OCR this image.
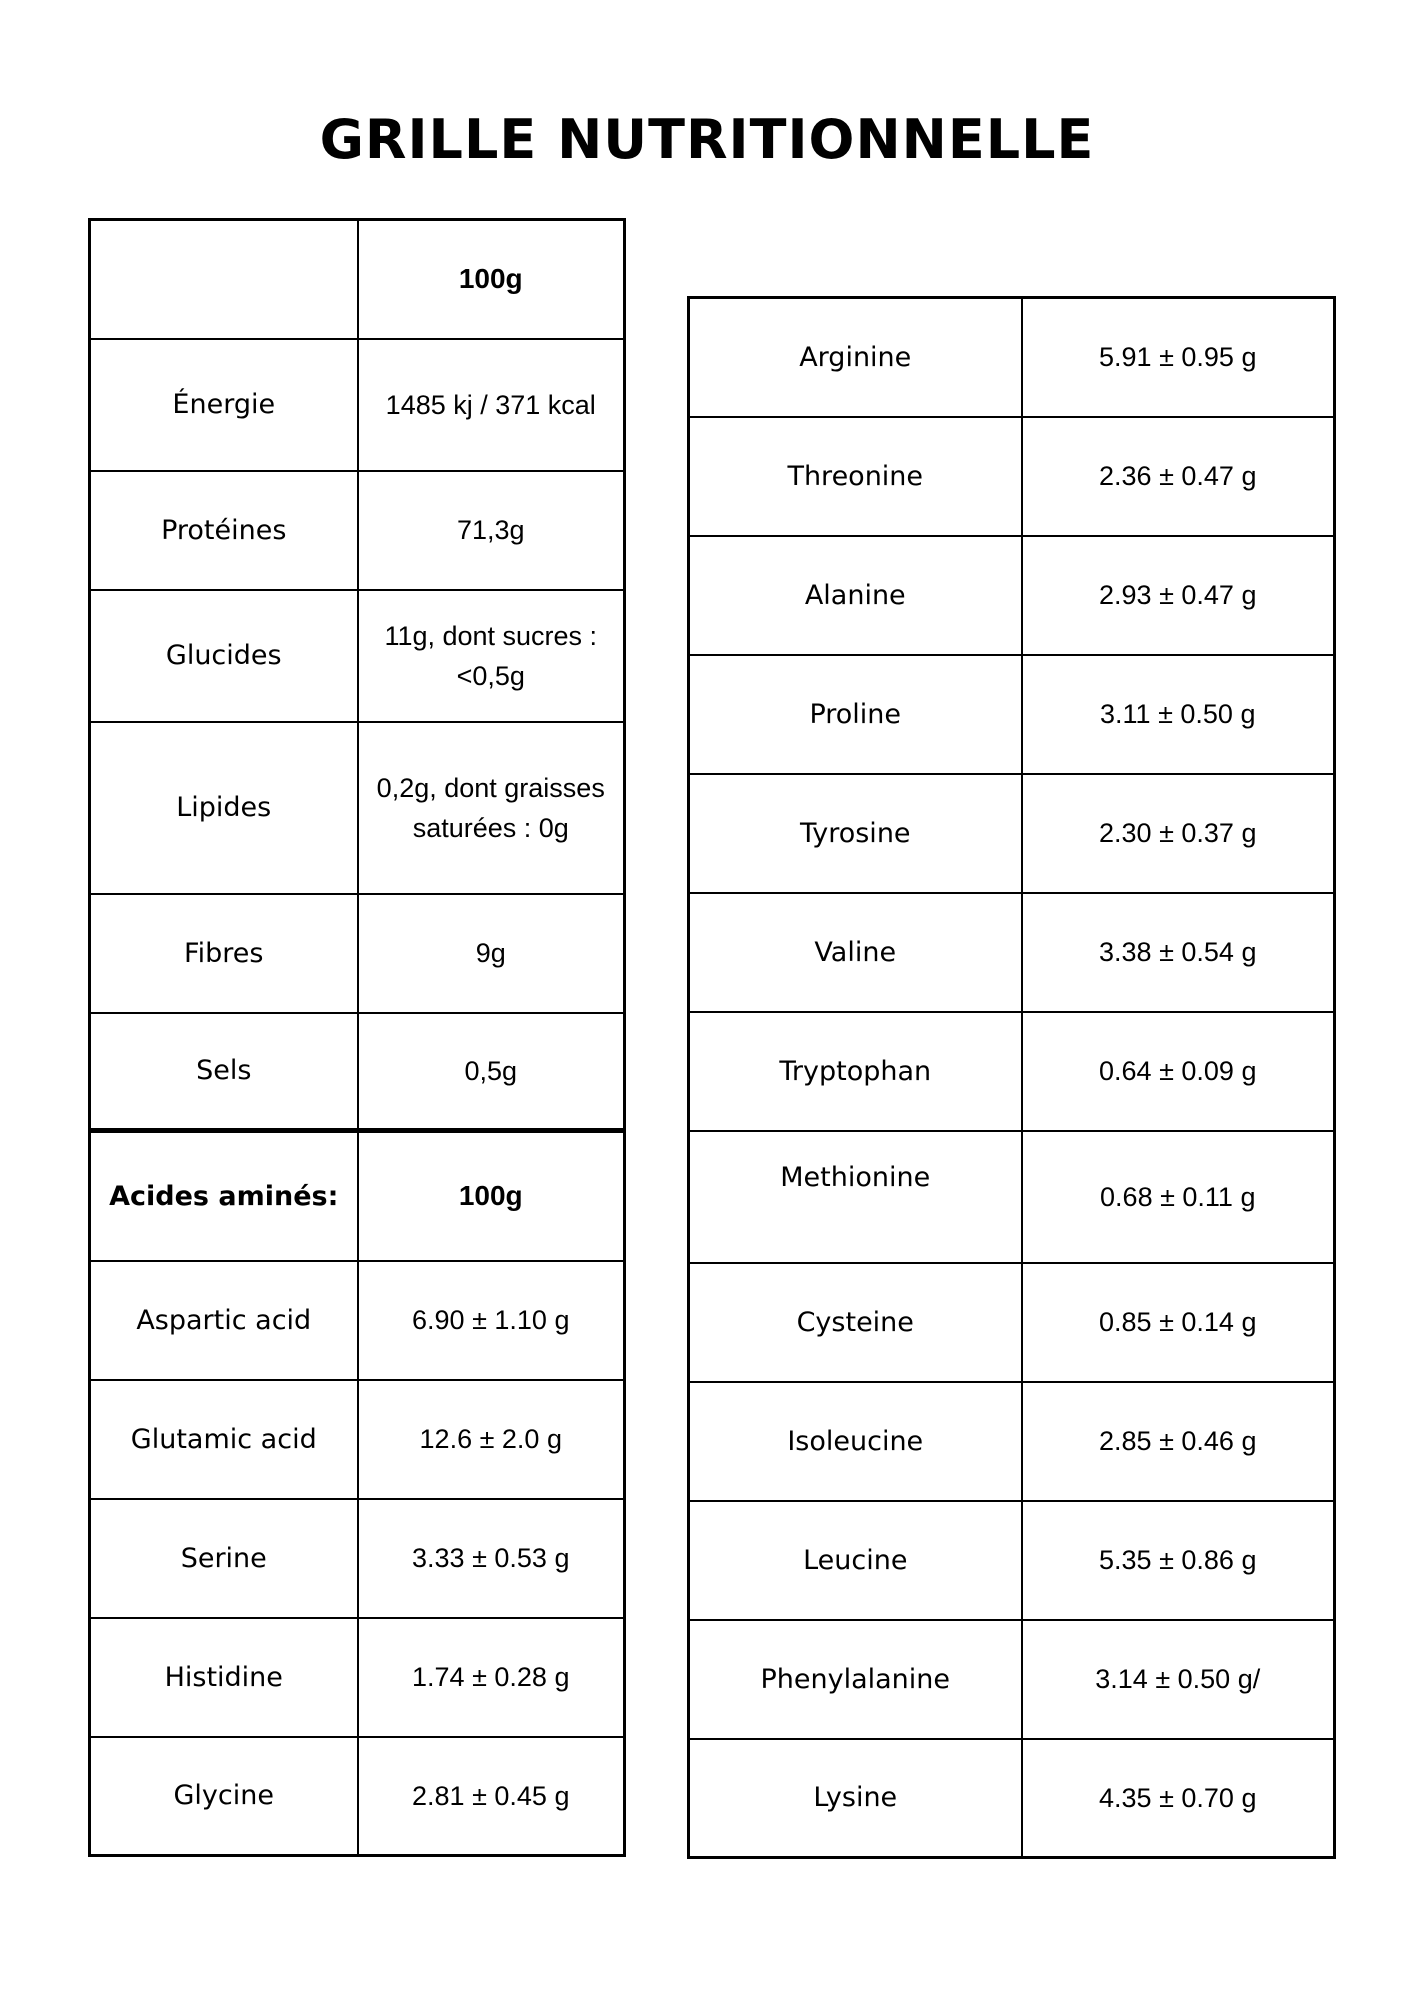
GRILLE NUTRITIONNELLE
	100g
Énergie	1485 kj / 371 kcal
Protéines	71,3g
Glucides	11g, dont sucres : <0,5g
Lipides	0,2g, dont graisses saturées : 0g
Fibres	9g
Sels	0,5g
Acides aminés:	100g
Aspartic acid	6.90 ± 1.10 g
Glutamic acid	12.6 ± 2.0 g
Serine	3.33 ± 0.53 g
Histidine	1.74 ± 0.28 g
Glycine	2.81 ± 0.45 g
Arginine	5.91 ± 0.95 g
Threonine	2.36 ± 0.47 g
Alanine	2.93 ± 0.47 g
Proline	3.11 ± 0.50 g
Tyrosine	2.30 ± 0.37 g
Valine	3.38 ± 0.54 g
Tryptophan	0.64 ± 0.09 g
Methionine	0.68 ± 0.11 g
Cysteine	0.85 ± 0.14 g
Isoleucine	2.85 ± 0.46 g
Leucine	5.35 ± 0.86 g
Phenylalanine	3.14 ± 0.50 g/
Lysine	4.35 ± 0.70 g
